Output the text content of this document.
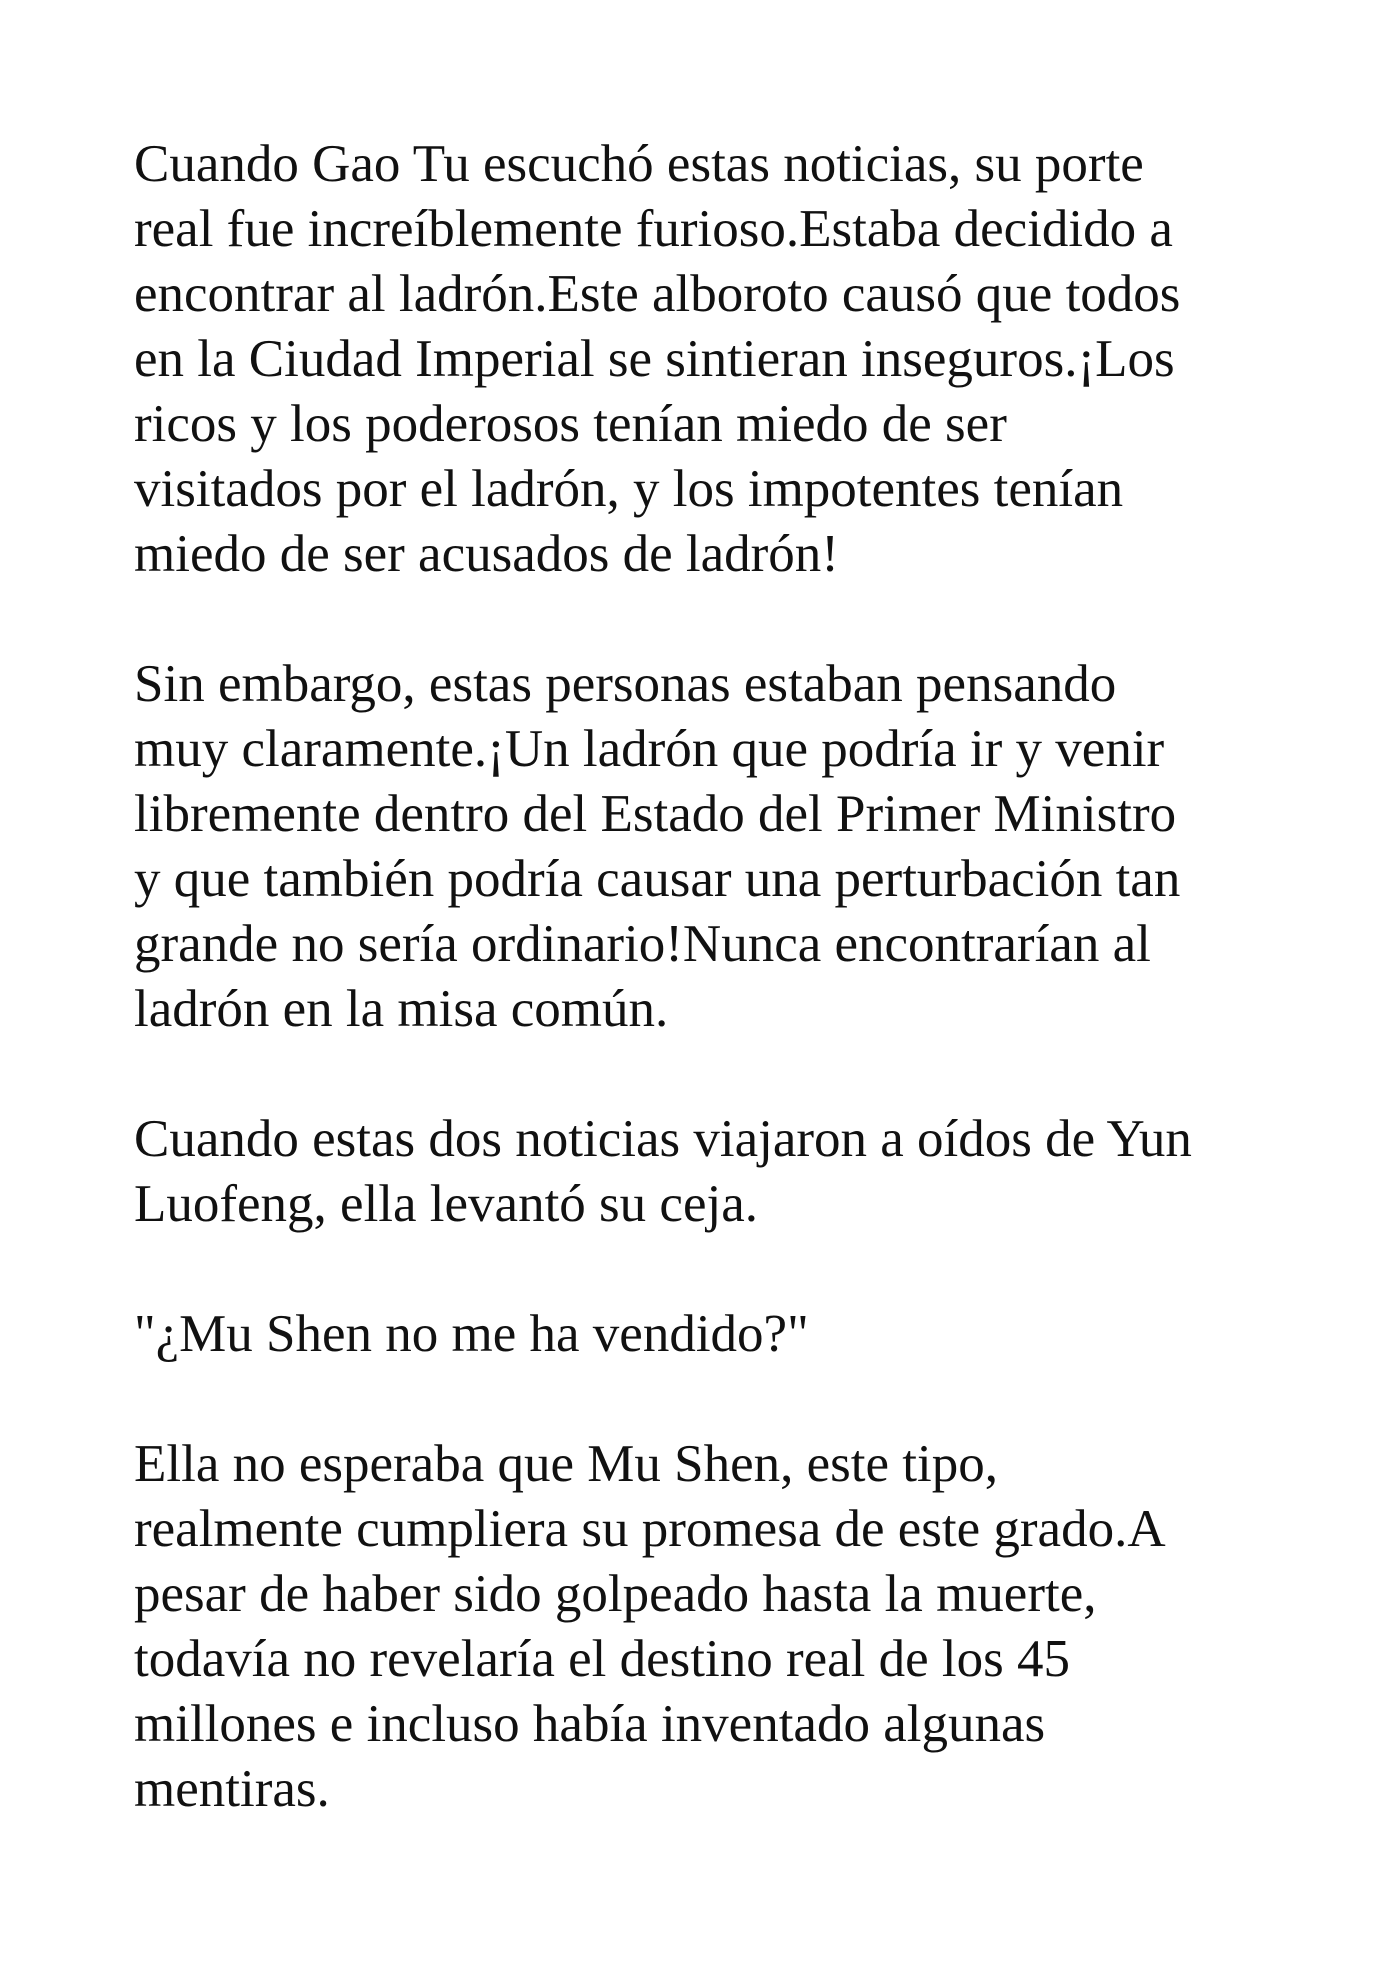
Cuando Gao Tu escuchó estas noticias, su porte
real fue increíblemente furioso.Estaba decidido a
encontrar al ladrón.Este alboroto causó que todos
en la Ciudad Imperial se sintieran inseguros.¡Los
ricos y los poderosos tenían miedo de ser
visitados por el ladrón, y los impotentes tenían
miedo de ser acusados de ladrón!

Sin embargo, estas personas estaban pensando
muy claramente.¡Un ladrón que podría ir y venir
libremente dentro del Estado del Primer Ministro
y que también podría causar una perturbación tan
grande no sería ordinario!Nunca encontrarían al
ladrón en la misa común.

Cuando estas dos noticias viajaron a oídos de Yun
Luofeng, ella levantó su ceja.

"¿Mu Shen no me ha vendido?"

Ella no esperaba que Mu Shen, este tipo,
realmente cumpliera su promesa de este grado.A
pesar de haber sido golpeado hasta la muerte,
todavía no revelaría el destino real de los 45
millones e incluso había inventado algunas
mentiras.
